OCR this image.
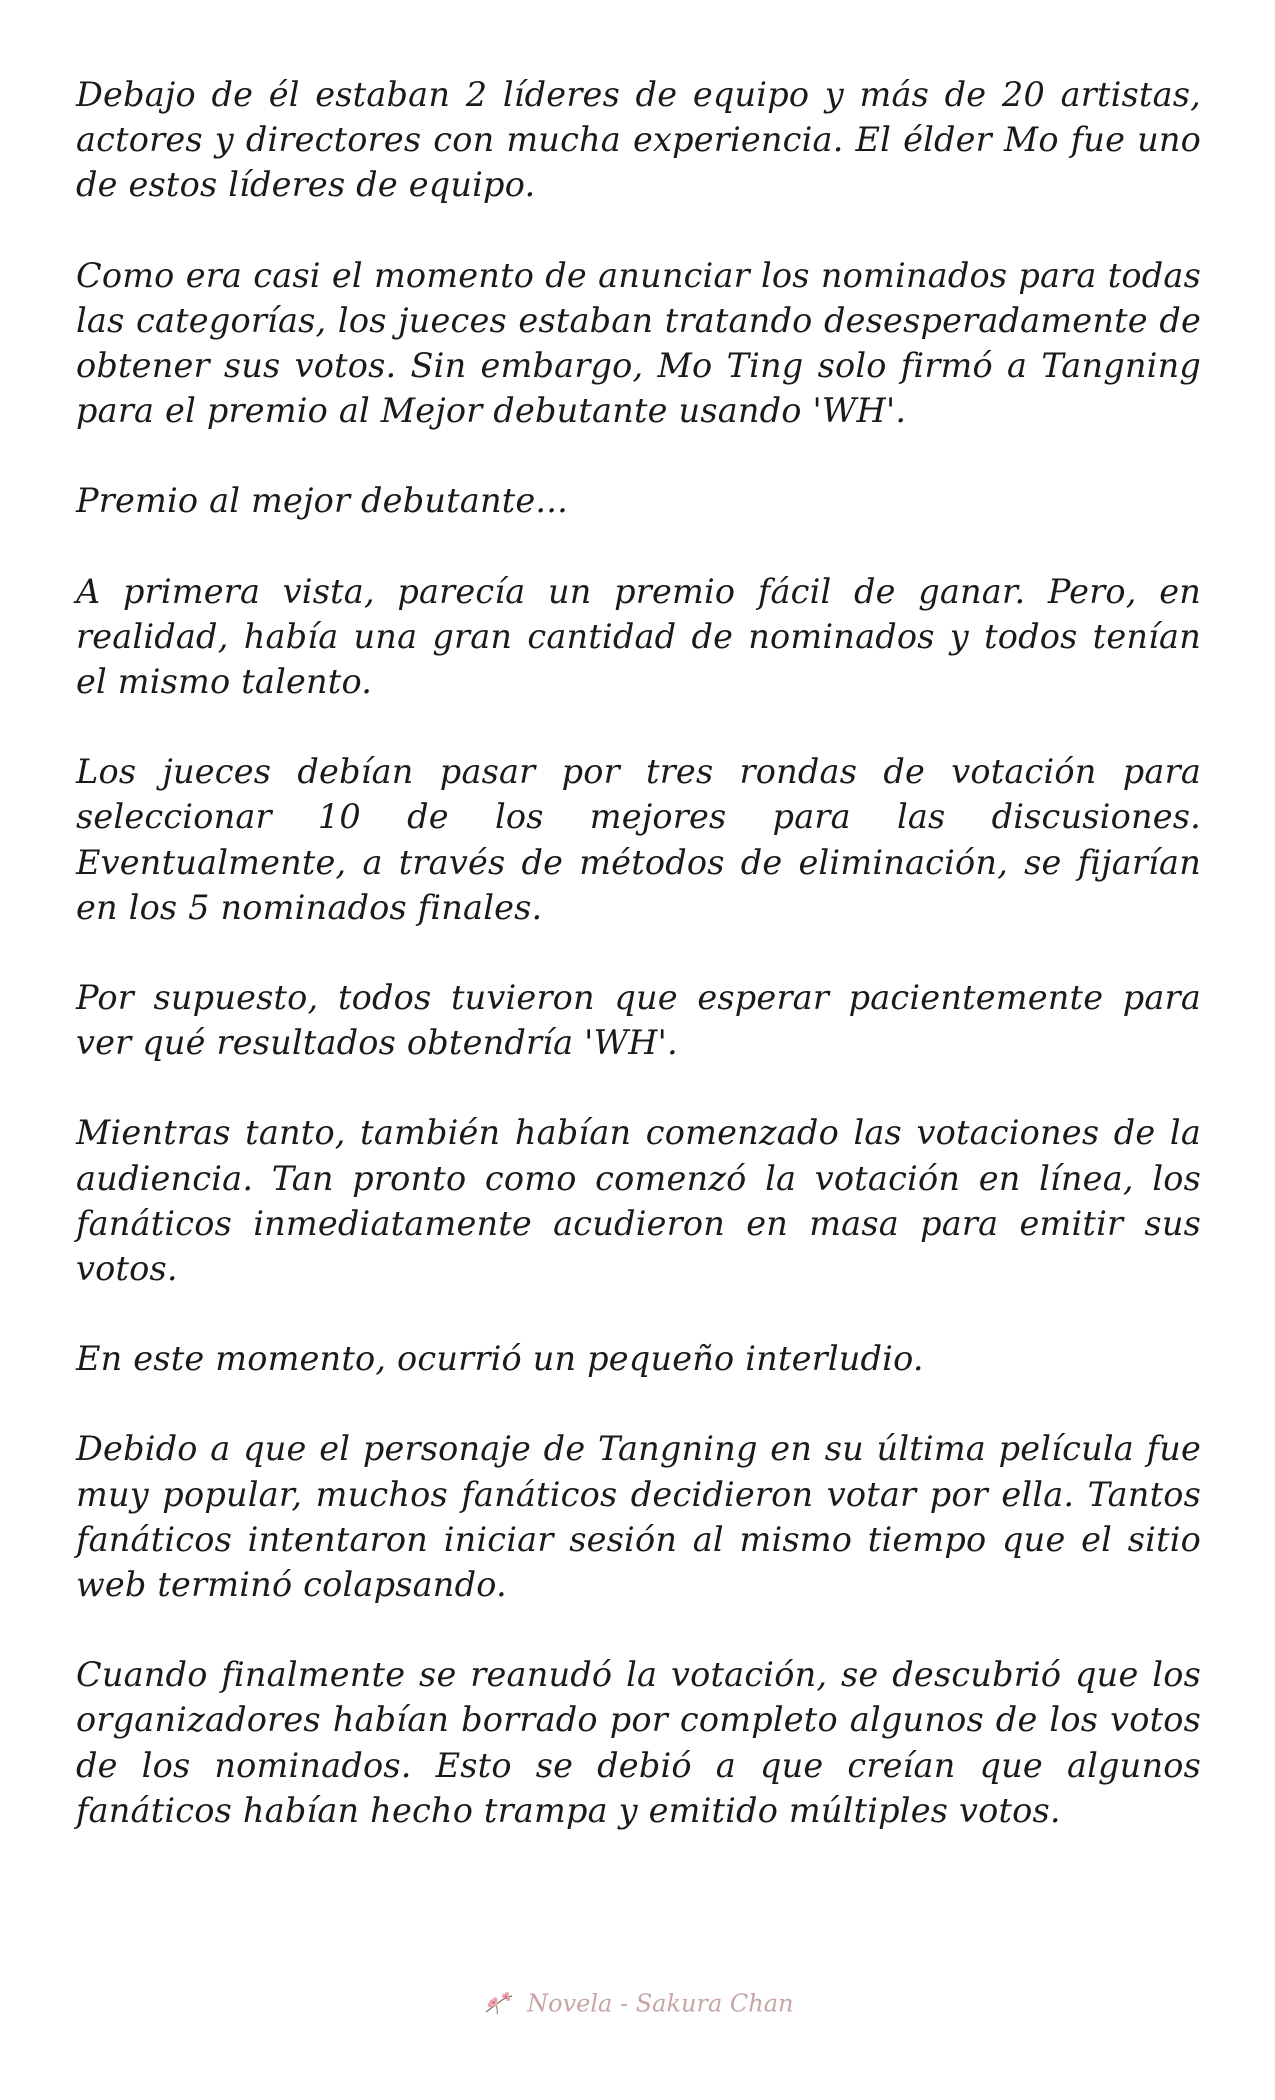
Debajo de él estaban 2 líderes de equipo y más de 20 artistas, actores y directores con mucha experiencia. El élder Mo fue uno de estos líderes de equipo.

Como era casi el momento de anunciar los nominados para todas las categorías, los jueces estaban tratando desesperadamente de obtener sus votos. Sin embargo, Mo Ting solo firmó a Tangning para el premio al Mejor debutante usando 'WH'.

Premio al mejor debutante...

A primera vista, parecía un premio fácil de ganar. Pero, en realidad, había una gran cantidad de nominados y todos tenían el mismo talento.

Los jueces debían pasar por tres rondas de votación para seleccionar 10 de los mejores para las discusiones. Eventualmente, a través de métodos de eliminación, se fijarían en los 5 nominados finales.

Por supuesto, todos tuvieron que esperar pacientemente para ver qué resultados obtendría 'WH'.

Mientras tanto, también habían comenzado las votaciones de la audiencia. Tan pronto como comenzó la votación en línea, los fanáticos inmediatamente acudieron en masa para emitir sus votos.

En este momento, ocurrió un pequeño interludio.

Debido a que el personaje de Tangning en su última película fue muy popular, muchos fanáticos decidieron votar por ella. Tantos fanáticos intentaron iniciar sesión al mismo tiempo que el sitio web terminó colapsando.

Cuando finalmente se reanudó la votación, se descubrió que los organizadores habían borrado por completo algunos de los votos de los nominados. Esto se debió a que creían que algunos fanáticos habían hecho trampa y emitido múltiples votos.

Novela - Sakura Chan
